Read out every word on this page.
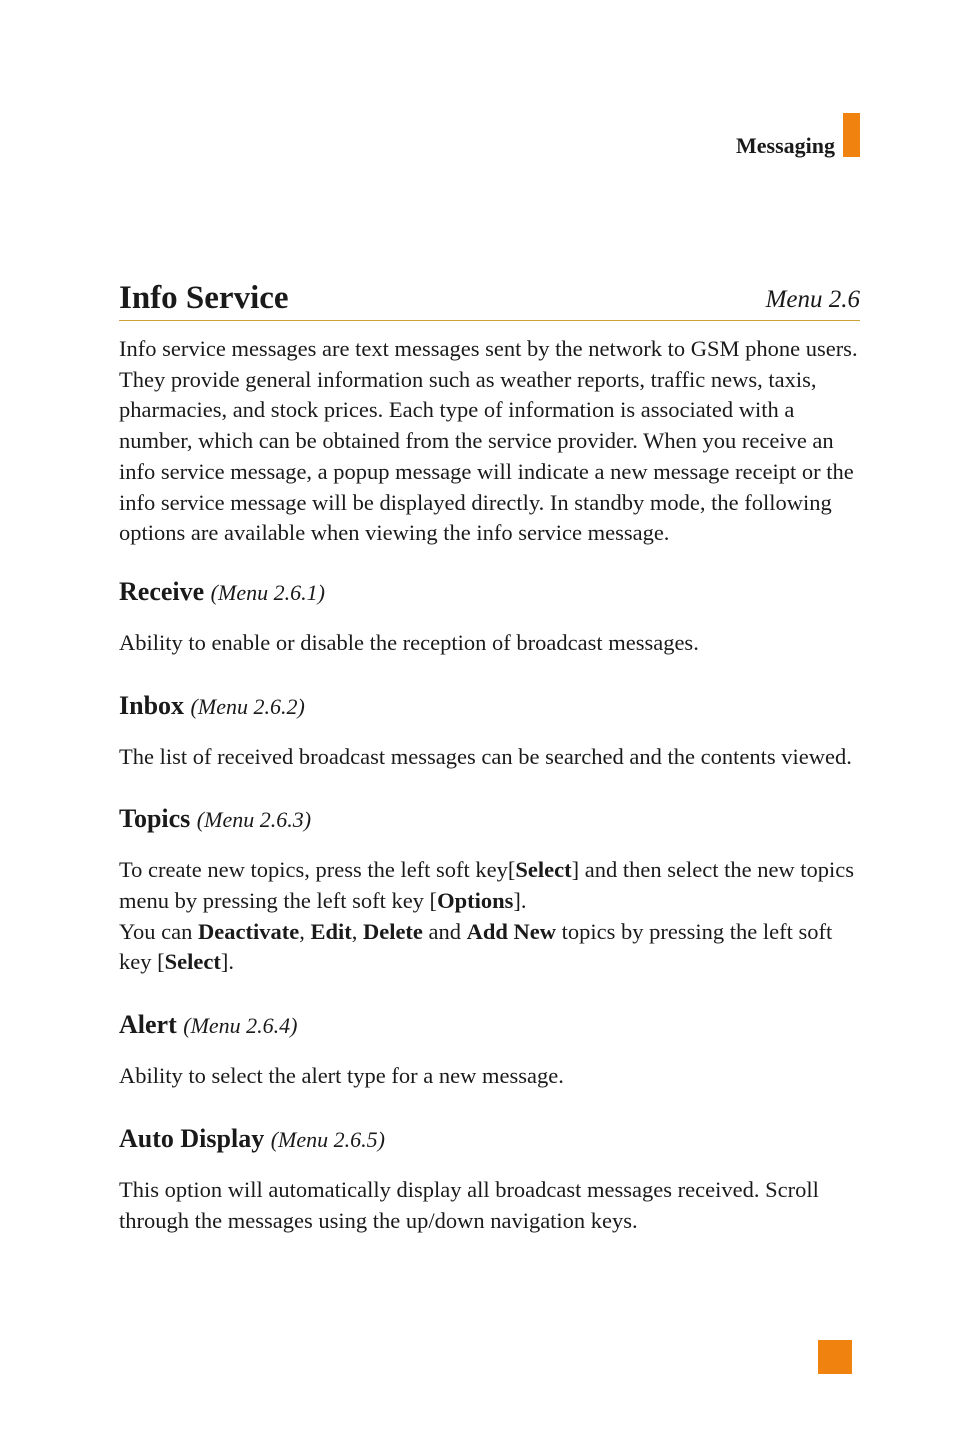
Messaging
Info Service	Menu 2.6

Info service messages are text messages sent by the network to GSM phone users. They provide general information such as weather reports, traffic news, taxis, pharmacies, and stock prices. Each type of information is associated with a number, which can be obtained from the service provider. When you receive an info service message, a popup message will indicate a new message receipt or the info service message will be displayed directly. In standby mode, the following options are available when viewing the info service message.

Receive (Menu 2.6.1)

Ability to enable or disable the reception of broadcast messages.

Inbox (Menu 2.6.2)

The list of received broadcast messages can be searched and the contents viewed.

Topics (Menu 2.6.3)

To create new topics, press the left soft key[Select] and then select the new topics menu by pressing the left soft key [Options].

You can Deactivate, Edit, Delete and Add New topics by pressing the left soft key [Select].

Alert (Menu 2.6.4)

Ability to select the alert type for a new message.

Auto Display (Menu 2.6.5)

This option will automatically display all broadcast messages received. Scroll through the messages using the up/down navigation keys.
